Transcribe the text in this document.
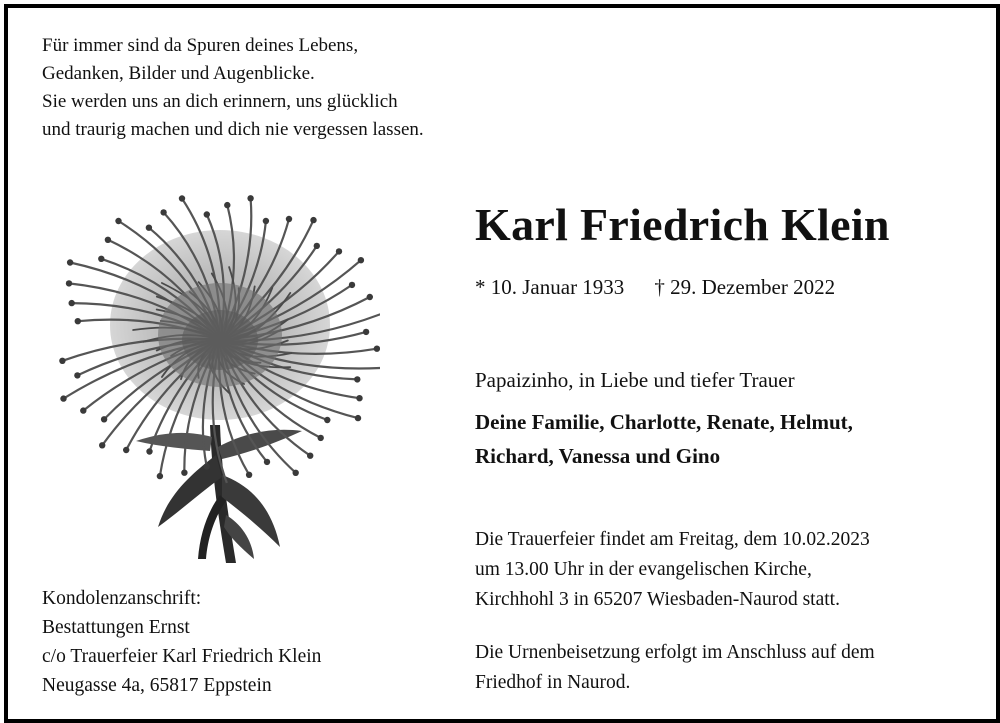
Für immer sind da Spuren deines Lebens,
Gedanken, Bilder und Augenblicke.
Sie werden uns an dich erinnern, uns glücklich
und traurig machen und dich nie vergessen lassen.
Karl Friedrich Klein
* 10. Januar 1933 † 29. Dezember 2022
Papaizinho, in Liebe und tiefer Trauer
Deine Familie, Charlotte, Renate, Helmut,
Richard, Vanessa und Gino
Die Trauerfeier findet am Freitag, dem 10.02.2023
um 13.00 Uhr in der evangelischen Kirche,
Kirchhohl 3 in 65207 Wiesbaden-Naurod statt.
Die Urnenbeisetzung erfolgt im Anschluss auf dem
Friedhof in Naurod.
Kondolenzanschrift:
Bestattungen Ernst
c/o Trauerfeier Karl Friedrich Klein
Neugasse 4a, 65817 Eppstein
